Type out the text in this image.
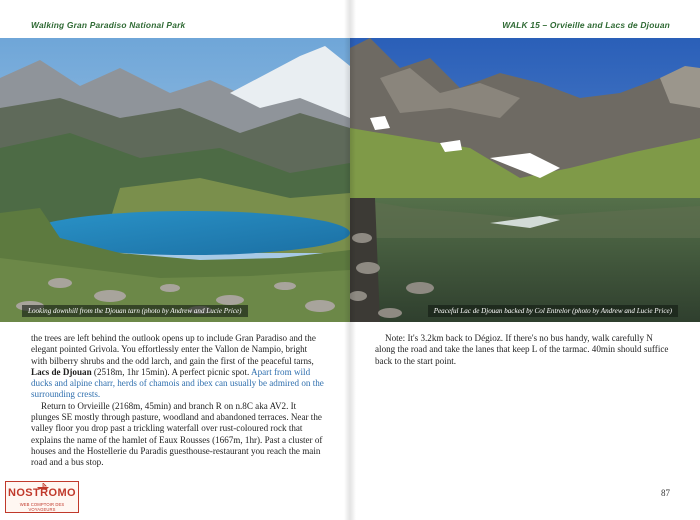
Walking Gran Paradiso National Park
Looking downhill from the Djouan tarn (photo by Andrew and Lucie Price)

the trees are left behind the outlook opens up to include Gran Paradiso and the elegant pointed Grivola. You effortlessly enter the Vallon de Nampio, bright with bilberry shrubs and the odd larch, and gain the first of the peaceful tarns, Lacs de Djouan (2518m, 1hr 15min). A perfect picnic spot. Apart from wild ducks and alpine charr, herds of chamois and ibex can usually be admired on the surrounding crests.

Return to Orvieille (2168m, 45min) and branch R on n.8C aka AV2. It plunges SE mostly through pasture, woodland and abandoned terraces. Near the valley floor you drop past a trickling waterfall over rust-coloured rock that explains the name of the hamlet of Eaux Rousses (1667m, 1hr). Past a cluster of houses and the Hostellerie du Paradis guesthouse-restaurant you reach the main road and a bus stop.

NOSTROMO
WEB COMPTOIR DES VOYAGEURS
WALK 15 – Orvieille and Lacs de Djouan
Peaceful Lac de Djouan backed by Col Entrelor (photo by Andrew and Lucie Price)
87

Note: It's 3.2km back to Dégioz. If there's no bus handy, walk carefully N

along the road and take the lanes that keep L of the tarmac. 40min should suffice

back to the start point.
